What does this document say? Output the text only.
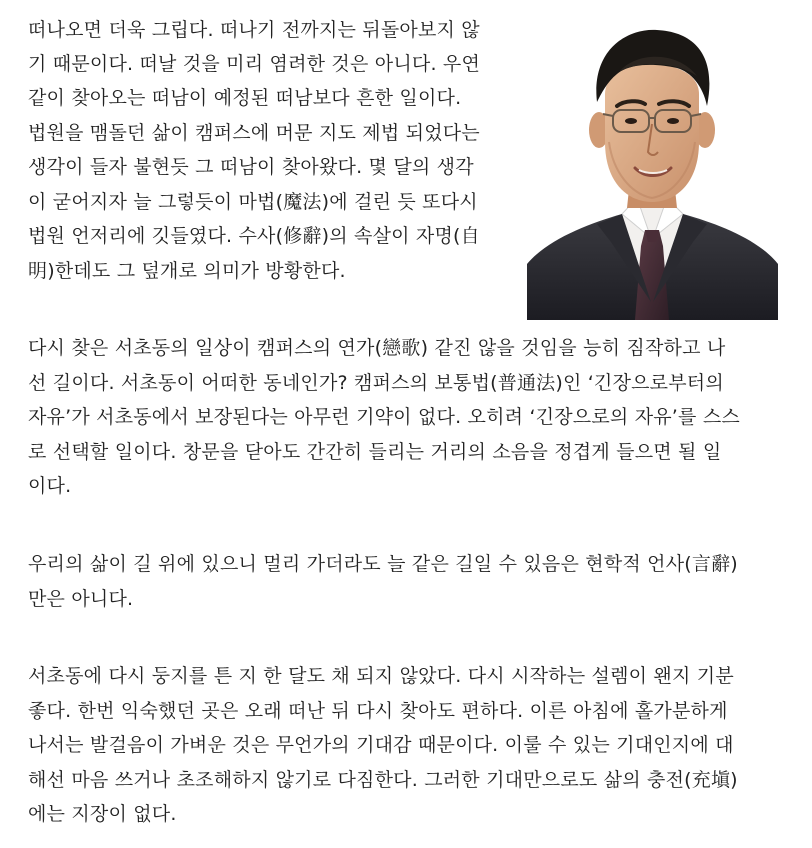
떠나오면 더욱 그립다. 떠나기 전까지는 뒤돌아보지 않
기 때문이다. 떠날 것을 미리 염려한 것은 아니다. 우연
같이 찾아오는 떠남이 예정된 떠남보다 흔한 일이다.
법원을 맴돌던 삶이 캠퍼스에 머문 지도 제법 되었다는
생각이 들자 불현듯 그 떠남이 찾아왔다. 몇 달의 생각
이 굳어지자 늘 그렇듯이 마법(魔法)에 걸린 듯 또다시
법원 언저리에 깃들였다. 수사(修辭)의 속살이 자명(自
明)한데도 그 덮개로 의미가 방황한다.
다시 찾은 서초동의 일상이 캠퍼스의 연가(戀歌) 같진 않을 것임을 능히 짐작하고 나
선 길이다. 서초동이 어떠한 동네인가? 캠퍼스의 보통법(普通法)인 ‘긴장으로부터의
자유’가 서초동에서 보장된다는 아무런 기약이 없다. 오히려 ‘긴장으로의 자유’를 스스
로 선택할 일이다. 창문을 닫아도 간간히 들리는 거리의 소음을 정겹게 들으면 될 일
이다.
우리의 삶이 길 위에 있으니 멀리 가더라도 늘 같은 길일 수 있음은 현학적 언사(言辭)
만은 아니다.
서초동에 다시 둥지를 튼 지 한 달도 채 되지 않았다. 다시 시작하는 설렘이 왠지 기분
좋다. 한번 익숙했던 곳은 오래 떠난 뒤 다시 찾아도 편하다. 이른 아침에 홀가분하게
나서는 발걸음이 가벼운 것은 무언가의 기대감 때문이다. 이룰 수 있는 기대인지에 대
해선 마음 쓰거나 초조해하지 않기로 다짐한다. 그러한 기대만으로도 삶의 충전(充塡)
에는 지장이 없다.
